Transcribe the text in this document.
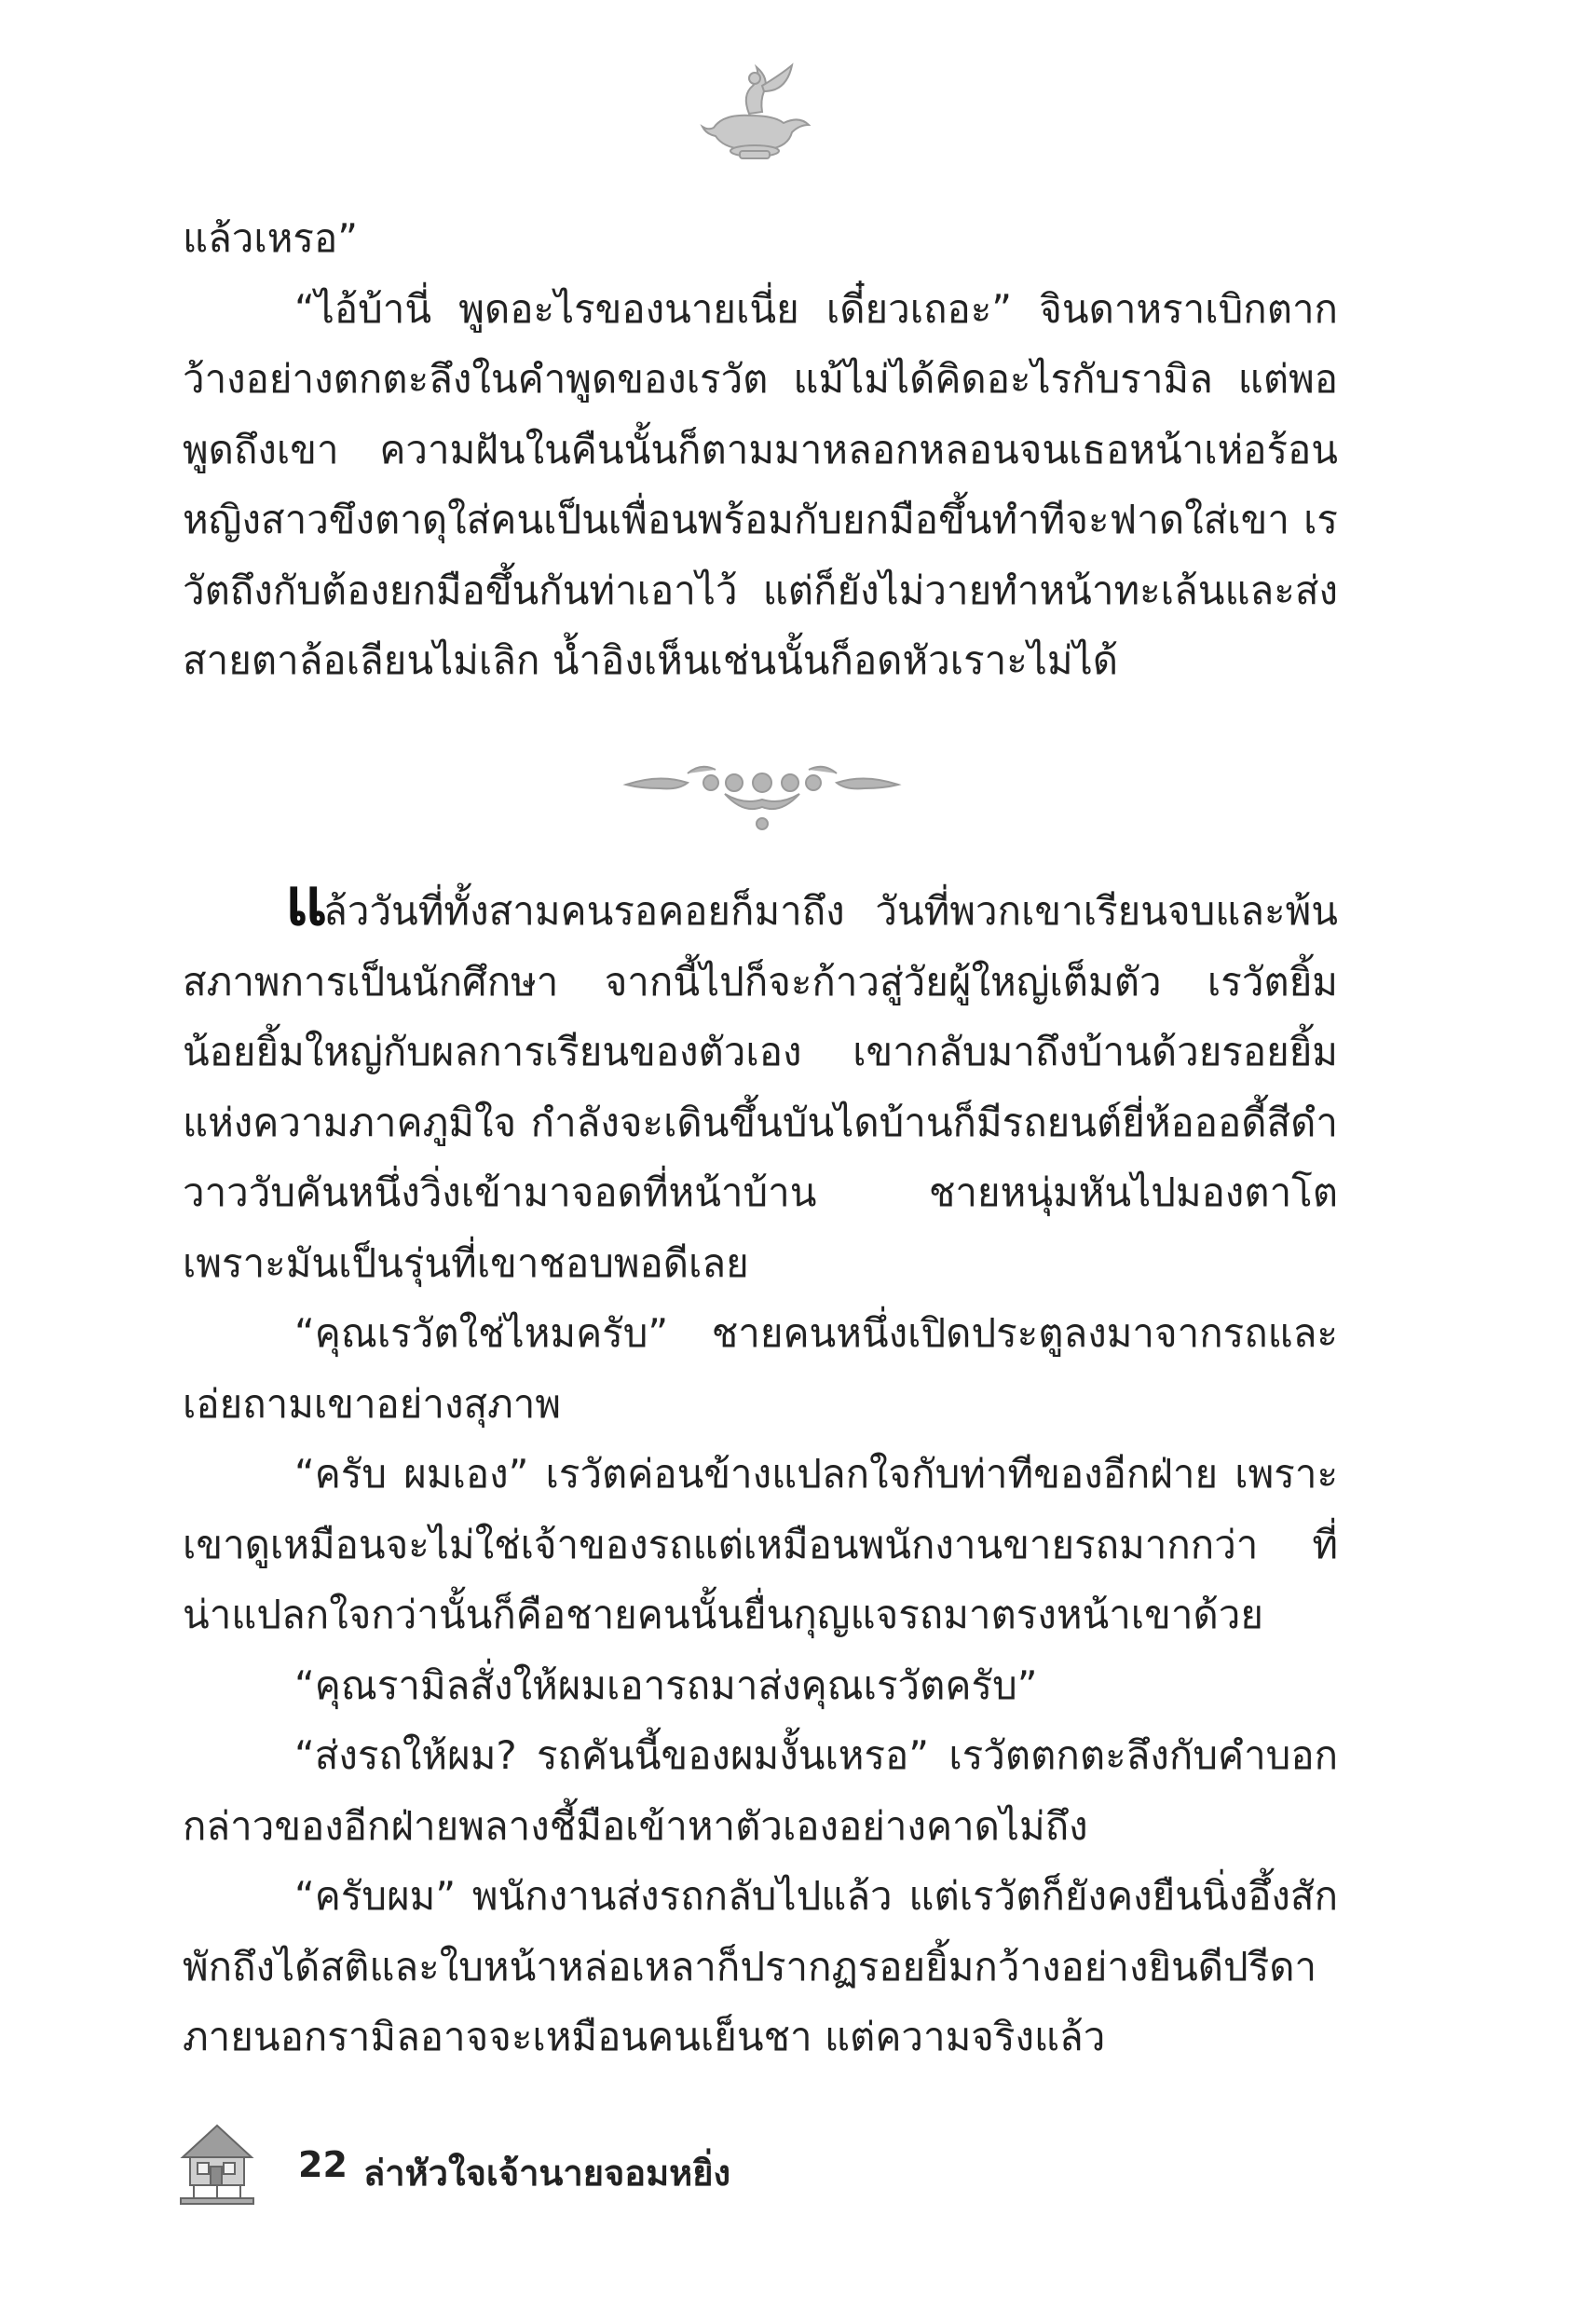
แล้วเหรอ”

“ไอ้บ้านี่ พูดอะไรของนายเนี่ย เดี๋ยวเถอะ” จินดาหราเบิกตากว้างอย่างตกตะลึงในคำพูดของเรวัต แม้ไม่ได้คิดอะไรกับรามิล แต่พอพูดถึงเขา ความฝันในคืนนั้นก็ตามมาหลอกหลอนจนเธอหน้าเห่อร้อน หญิงสาวขึงตาดุใส่คนเป็นเพื่อนพร้อมกับยกมือขึ้นทำทีจะฟาดใส่เขา เรวัตถึงกับต้องยกมือขึ้นกันท่าเอาไว้ แต่ก็ยังไม่วายทำหน้าทะเล้นและส่งสายตาล้อเลียนไม่เลิก น้ำอิงเห็นเช่นนั้นก็อดหัวเราะไม่ได้

แล้ววันที่ทั้งสามคนรอคอยก็มาถึง วันที่พวกเขาเรียนจบและพ้นสภาพการเป็นนักศึกษา จากนี้ไปก็จะก้าวสู่วัยผู้ใหญ่เต็มตัว เรวัตยิ้มน้อยยิ้มใหญ่กับผลการเรียนของตัวเอง เขากลับมาถึงบ้านด้วยรอยยิ้มแห่งความภาคภูมิใจ กำลังจะเดินขึ้นบันไดบ้านก็มีรถยนต์ยี่ห้อออดี้สีดำวาววับคันหนึ่งวิ่งเข้ามาจอดที่หน้าบ้าน ชายหนุ่มหันไปมองตาโตเพราะมันเป็นรุ่นที่เขาชอบพอดีเลย

“คุณเรวัตใช่ไหมครับ” ชายคนหนึ่งเปิดประตูลงมาจากรถและเอ่ยถามเขาอย่างสุภาพ

“ครับ ผมเอง” เรวัตค่อนข้างแปลกใจกับท่าทีของอีกฝ่าย เพราะเขาดูเหมือนจะไม่ใช่เจ้าของรถแต่เหมือนพนักงานขายรถมากกว่า ที่น่าแปลกใจกว่านั้นก็คือชายคนนั้นยื่นกุญแจรถมาตรงหน้าเขาด้วย

“คุณรามิลสั่งให้ผมเอารถมาส่งคุณเรวัตครับ”

“ส่งรถให้ผม? รถคันนี้ของผมงั้นเหรอ” เรวัตตกตะลึงกับคำบอกกล่าวของอีกฝ่ายพลางชี้มือเข้าหาตัวเองอย่างคาดไม่ถึง

“ครับผม” พนักงานส่งรถกลับไปแล้ว แต่เรวัตก็ยังคงยืนนิ่งอึ้งสักพักถึงได้สติและใบหน้าหล่อเหลาก็ปรากฏรอยยิ้มกว้างอย่างยินดีปรีดา ภายนอกรามิลอาจจะเหมือนคนเย็นชา แต่ความจริงแล้ว

22 ล่าหัวใจเจ้านายจอมหยิ่ง
